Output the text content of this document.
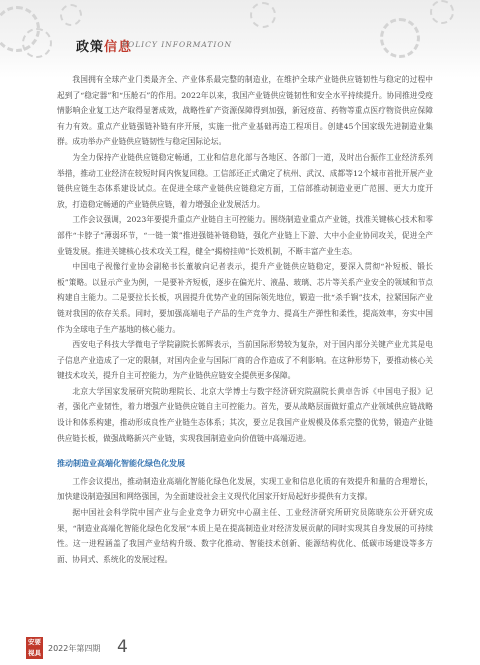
政策信息
POLICY INFORMATION

我国拥有全球产业门类最齐全、产业体系最完整的制造业，在维护全球产业链供应链韧性与稳定的过程中起到了“稳定器”和“压舱石”的作用。2022年以来，我国产业链供应链韧性和安全水平持续提升。协同推进受疫情影响企业复工达产取得显著成效，战略性矿产资源保障得到加强，新冠疫苗、药物等重点医疗物资供应保障有力有效。重点产业链强链补链有序开展，实施一批产业基础再造工程项目。创建45个国家级先进制造业集群。成功举办产业链供应链韧性与稳定国际论坛。

为全力保持产业链供应链稳定畅通，工业和信息化部与各地区、各部门一道，及时出台振作工业经济系列举措，推动工业经济在较短时间内恢复回稳。工信部还正式确定了杭州、武汉、成都等12个城市首批开展产业链供应链生态体系建设试点。在促进全球产业链供应链稳定方面，工信部推动制造业更广范围、更大力度开放，打造稳定畅通的产业链供应链，着力增强企业发展活力。

工作会议强调，2023年要提升重点产业链自主可控能力。围绕制造业重点产业链，找准关键核心技术和零部件“卡脖子”薄弱环节，“一链一策”推进强链补链稳链，强化产业链上下游、大中小企业协同攻关，促进全产业链发展。推进关键核心技术攻关工程，健全“揭榜挂帅”长效机制，不断丰富产业生态。

中国电子视像行业协会副秘书长董敏向记者表示，提升产业链供应链稳定，要深入贯彻“补短板、锻长板”策略。以显示产业为例，一是要补齐短板，逐步在偏光片、液晶、玻璃、芯片等关系产业安全的领域和节点构建自主能力。二是要拉长长板，巩固提升优势产业的国际领先地位，锻造一批“杀手锏”技术，拉紧国际产业链对我国的依存关系。同时，要加强高端电子产品的生产竞争力、提高生产弹性和柔性，提高效率，夯实中国作为全球电子生产基地的核心能力。

西安电子科技大学微电子学院副院长郭辉表示，当前国际形势较为复杂，对于国内部分关键产业尤其是电子信息产业造成了一定的限制，对国内企业与国际厂商的合作造成了不利影响。在这种形势下，要推动核心关键技术攻关，提升自主可控能力，为产业链供应链安全提供更多保障。

北京大学国家发展研究院助理院长、北京大学博士与数字经济研究院副院长黄卓告诉《中国电子报》记者，强化产业韧性，着力增强产业链供应链自主可控能力。首先，要从战略层面做好重点产业领域供应链战略设计和体系构建，推动形成良性产业链生态体系；其次，要立足我国产业规模及体系完整的优势，锻造产业链供应链长板，做强战略新兴产业链，实现我国制造业向价值链中高端迈进。

推动制造业高端化智能化绿色化发展

工作会议提出，推动制造业高端化智能化绿色化发展，实现工业和信息化质的有效提升和量的合理增长，加快建设制造强国和网络强国，为全面建设社会主义现代化国家开好局起好步提供有力支撑。

据中国社会科学院中国产业与企业竞争力研究中心副主任、工业经济研究所研究员陈晓东公开研究成果，“制造业高端化智能化绿色化发展”本质上是在提高制造业对经济发展贡献的同时实现其自身发展的可持续性。这一进程涵盖了我国产业结构升级、数字化推动、智能技术创新、能源结构优化、低碳市场建设等多方面、协同式、系统化的发展过程。

安要
视具 2022年第四期 4
